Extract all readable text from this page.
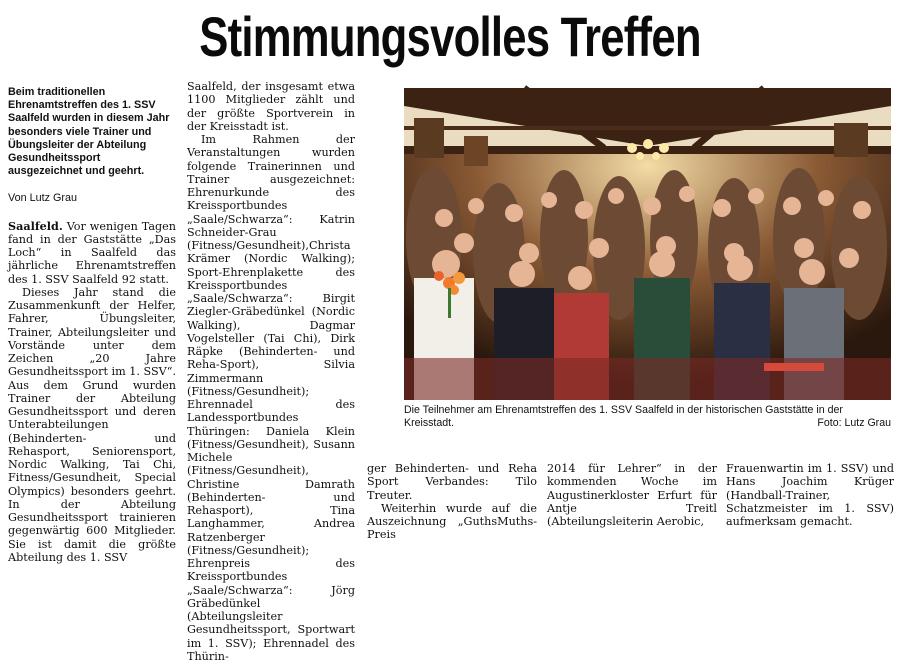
Stimmungsvolles Treffen
Beim traditionellen Ehrenamtstreffen des 1. SSV Saalfeld wurden in diesem Jahr besonders viele Trainer und Übungsleiter der Abteilung Gesundheitssport ausgezeichnet und geehrt.
Von Lutz Grau

Saalfeld. Vor wenigen Tagen fand in der Gaststätte „Das Loch“ in Saalfeld das jährliche Ehrenamtstreffen des 1. SSV Saalfeld 92 statt.

Dieses Jahr stand die Zusammenkunft der Helfer, Fahrer, Übungsleiter, Trainer, Abteilungsleiter und Vorstände unter dem Zeichen „20 Jahre Gesundheitssport im 1. SSV“. Aus dem Grund wurden Trainer der Abteilung Gesundheitssport und deren Unterabteilungen (Behinderten- und Rehasport, Seniorensport, Nordic Walking, Tai Chi, Fitness/Gesundheit, Special Olympics) besonders geehrt. In der Abteilung Gesundheitssport trainieren gegenwärtig 600 Mitglieder. Sie ist damit die größte Abteilung des 1. SSV

Saalfeld, der insgesamt etwa 1100 Mitglieder zählt und der größte Sportverein in der Kreisstadt ist.

Im Rahmen der Veranstaltungen wurden folgende Trainerinnen und Trainer ausgezeichnet: Ehrenurkunde des Kreissportbundes „Saale/Schwarza“: Katrin Schneider-Grau (Fitness/Gesundheit),Christa Krämer (Nordic Walking); Sport-Ehrenplakette des Kreissportbundes „Saale/Schwarza“: Birgit Ziegler-Gräbedünkel (Nordic Walking), Dagmar Vogelsteller (Tai Chi), Dirk Räpke (Behinderten- und Reha-Sport), Silvia Zimmermann (Fitness/Gesundheit); Ehrennadel des Landessportbundes Thüringen: Daniela Klein (Fitness/Gesundheit), Susann Michele (Fitness/Gesundheit), Christine Damrath (Behinderten- und Rehasport), Tina Langhammer, Andrea Ratzenberger (Fitness/Gesundheit); Ehrenpreis des Kreissportbundes „Saale/Schwarza“: Jörg Gräbedünkel (Abteilungsleiter Gesundheitssport, Sportwart im 1. SSV); Ehrennadel des Thürin-

Die Teilnehmer am Ehrenamtstreffen des 1. SSV Saalfeld in der historischen Gaststätte in der Kreisstadt.	Foto: Lutz Grau

ger Behinderten- und Reha Sport Verbandes: Tilo Treuter.

Weiterhin wurde auf die Auszeichnung „GuthsMuths-Preis

2014 für Lehrer“ in der kommenden Woche im Augustinerkloster Erfurt für Antje Treitl (Abteilungsleiterin Aerobic,

Frauenwartin im 1. SSV) und Hans Joachim Krüger (Handball-Trainer, Schatzmeister im 1. SSV) aufmerksam gemacht.
